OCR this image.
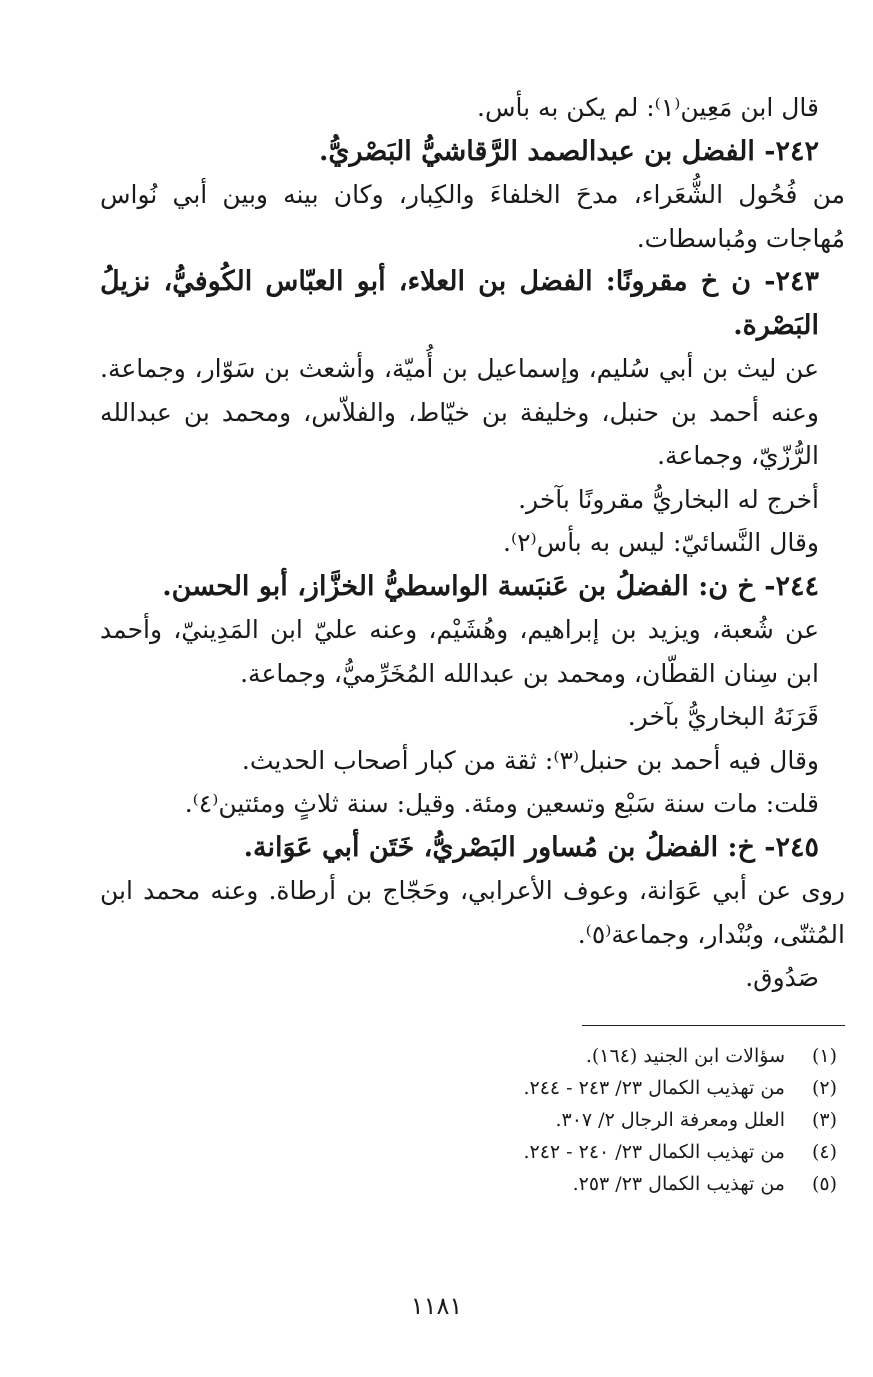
قال ابن مَعِين⁽١⁾: لم يكن به بأس.

٢٤٢- الفضل بن عبدالصمد الرَّقاشيُّ البَصْريُّ.

من فُحُول الشُّعَراء، مدحَ الخلفاءَ والكِبار، وكان بينه وبين أبي نُواس مُهاجات ومُباسطات.

٢٤٣- ن خ مقرونًا: الفضل بن العلاء، أبو العبّاس الكُوفيُّ، نزيلُ البَصْرة.

عن ليث بن أبي سُليم، وإسماعيل بن أُميّة، وأشعث بن سَوّار، وجماعة. وعنه أحمد بن حنبل، وخليفة بن خيّاط، والفلاّس، ومحمد بن عبدالله الرُّزّيّ، وجماعة.

أخرج له البخاريُّ مقرونًا بآخر.

وقال النَّسائيّ: ليس به بأس⁽٢⁾.

٢٤٤- خ ن: الفضلُ بن عَنبَسة الواسطيُّ الخزَّاز، أبو الحسن.

عن شُعبة، ويزيد بن إبراهيم، وهُشَيْم، وعنه عليّ ابن المَدِينيّ، وأحمد ابن سِنان القطّان، ومحمد بن عبدالله المُخَرِّميُّ، وجماعة.

قَرَنَهُ البخاريُّ بآخر.

وقال فيه أحمد بن حنبل⁽٣⁾: ثقة من كبار أصحاب الحديث.

قلت: مات سنة سَبْع وتسعين ومئة. وقيل: سنة ثلاثٍ ومئتين⁽٤⁾.

٢٤٥- خ: الفضلُ بن مُساور البَصْريُّ، خَتَن أبي عَوَانة.

روى عن أبي عَوَانة، وعوف الأعرابي، وحَجّاج بن أرطاة. وعنه محمد ابن المُثنّى، وبُنْدار، وجماعة⁽٥⁾.

صَدُوق.

(١)سؤالات ابن الجنيد (١٦٤).
(٢)من تهذيب الكمال ٢٣/ ٢٤٣ - ٢٤٤.
(٣)العلل ومعرفة الرجال ٢/ ٣٠٧.
(٤)من تهذيب الكمال ٢٣/ ٢٤٠ - ٢٤٢.
(٥)من تهذيب الكمال ٢٣/ ٢٥٣.
١١٨١
